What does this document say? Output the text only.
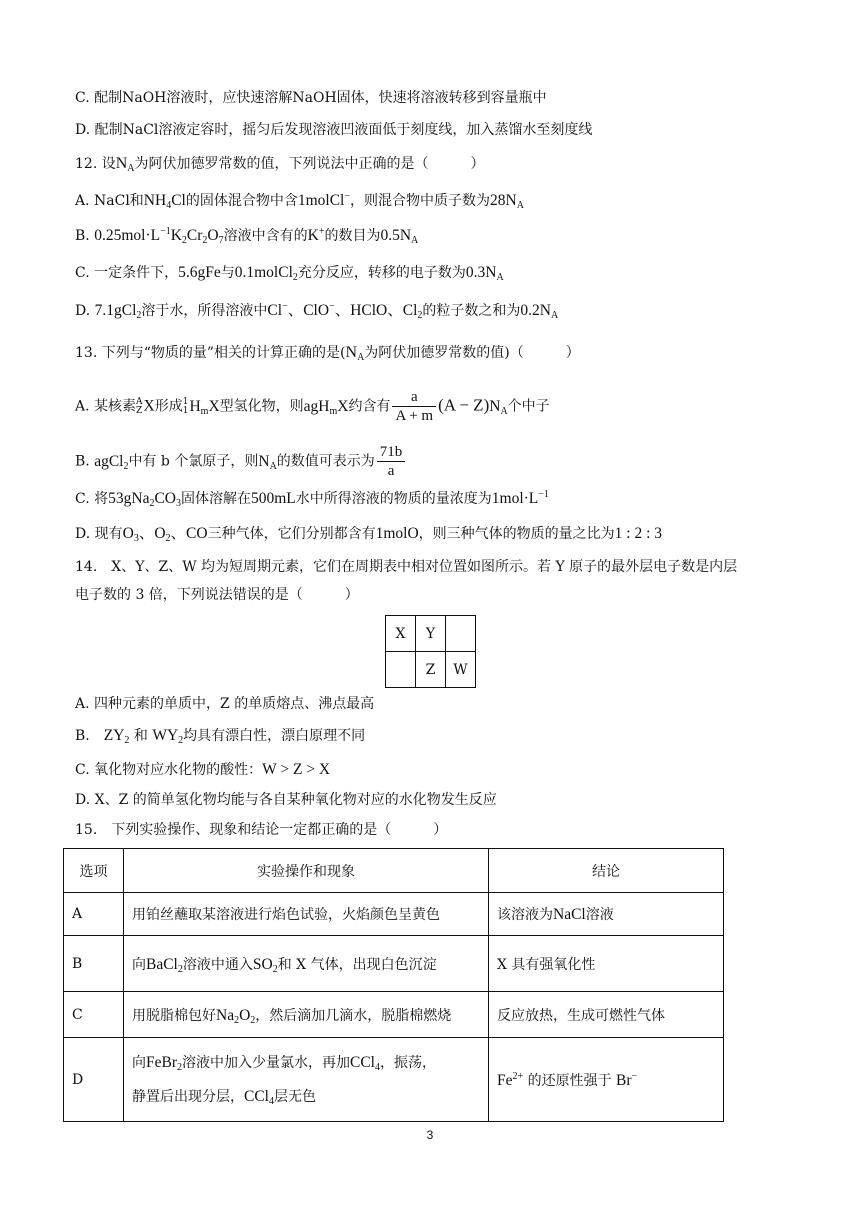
C. 配制NaOH溶液时，应快速溶解NaOH固体，快速将溶液转移到容量瓶中
D. 配制NaCl溶液定容时，摇匀后发现溶液凹液面低于刻度线，加入蒸馏水至刻度线
12. 设$N_A$为阿伏加德罗常数的值，下列说法中正确的是（　　　）
A. NaCl和$NH_4Cl$的固体混合物中含1molCl−，则混合物中质子数为$28N_A$
B. $0.25mol\cdot L^{-1}K_2Cr_2O_7$溶液中含有的K+的数目为$0.5N_A$
C. 一定条件下，5.6gFe与0.1molCl$_2$充分反应，转移的电子数为$0.3N_A$
D. 7.1gCl$_2$溶于水，所得溶液中Cl−、ClO−、HClO、$Cl_2$的粒子数之和为$0.2N_A$
13. 下列与“物质的量”相关的计算正确的是($N_A$为阿伏加德罗常数的值)（　　　）
A. 某核素 A
Z X形成 1
1 $H_mX$型氢化物，则agH$_m$X约含有 $\frac{a}{A + m} (A - Z)N_A$个中子
B. agCl$_2$中有 b 个氯原子，则$N_A$的数值可表示为 $\frac{71b}{a}$
C. 将$53gNa_2CO_3$固体溶解在500mL水中所得溶液的物质的量浓度为$1mol\cdot L^{-1}$
D. 现有$O_3$、$O_2$、CO三种气体，它们分别都含有1molO，则三种气体的物质的量之比为1 : 2 : 3
14.　X、Y、Z、W 均为短周期元素，它们在周期表中相对位置如图所示。若 Y 原子的最外层电子数是内层
电子数的 3 倍，下列说法错误的是（　　　）
X	Y	
	Z	W
A. 四种元素的单质中，Z 的单质熔点、沸点最高
B.　$ZY_2$ 和 $WY_2$均具有漂白性，漂白原理不同
C. 氧化物对应水化物的酸性：W > Z > X
D. X、Z 的简单氢化物均能与各自某种氧化物对应的水化物发生反应
15.　下列实验操作、现象和结论一定都正确的是（　　　）
选项	实验操作和现象	结论
A	用铂丝蘸取某溶液进行焰色试验，火焰颜色呈黄色	该溶液为NaCl溶液
B	向BaCl$_2$溶液中通入$SO_2$和 X 气体，出现白色沉淀	X 具有强氧化性
C	用脱脂棉包好$Na_2O_2$，然后滴加几滴水，脱脂棉燃烧	反应放热，生成可燃性气体
D	向FeBr$_2$溶液中加入少量氯水，再加CCl$_4$，振荡，
静置后出现分层，CCl$_4$层无色	$Fe^{2+}$ 的还原性强于 Br−
3
